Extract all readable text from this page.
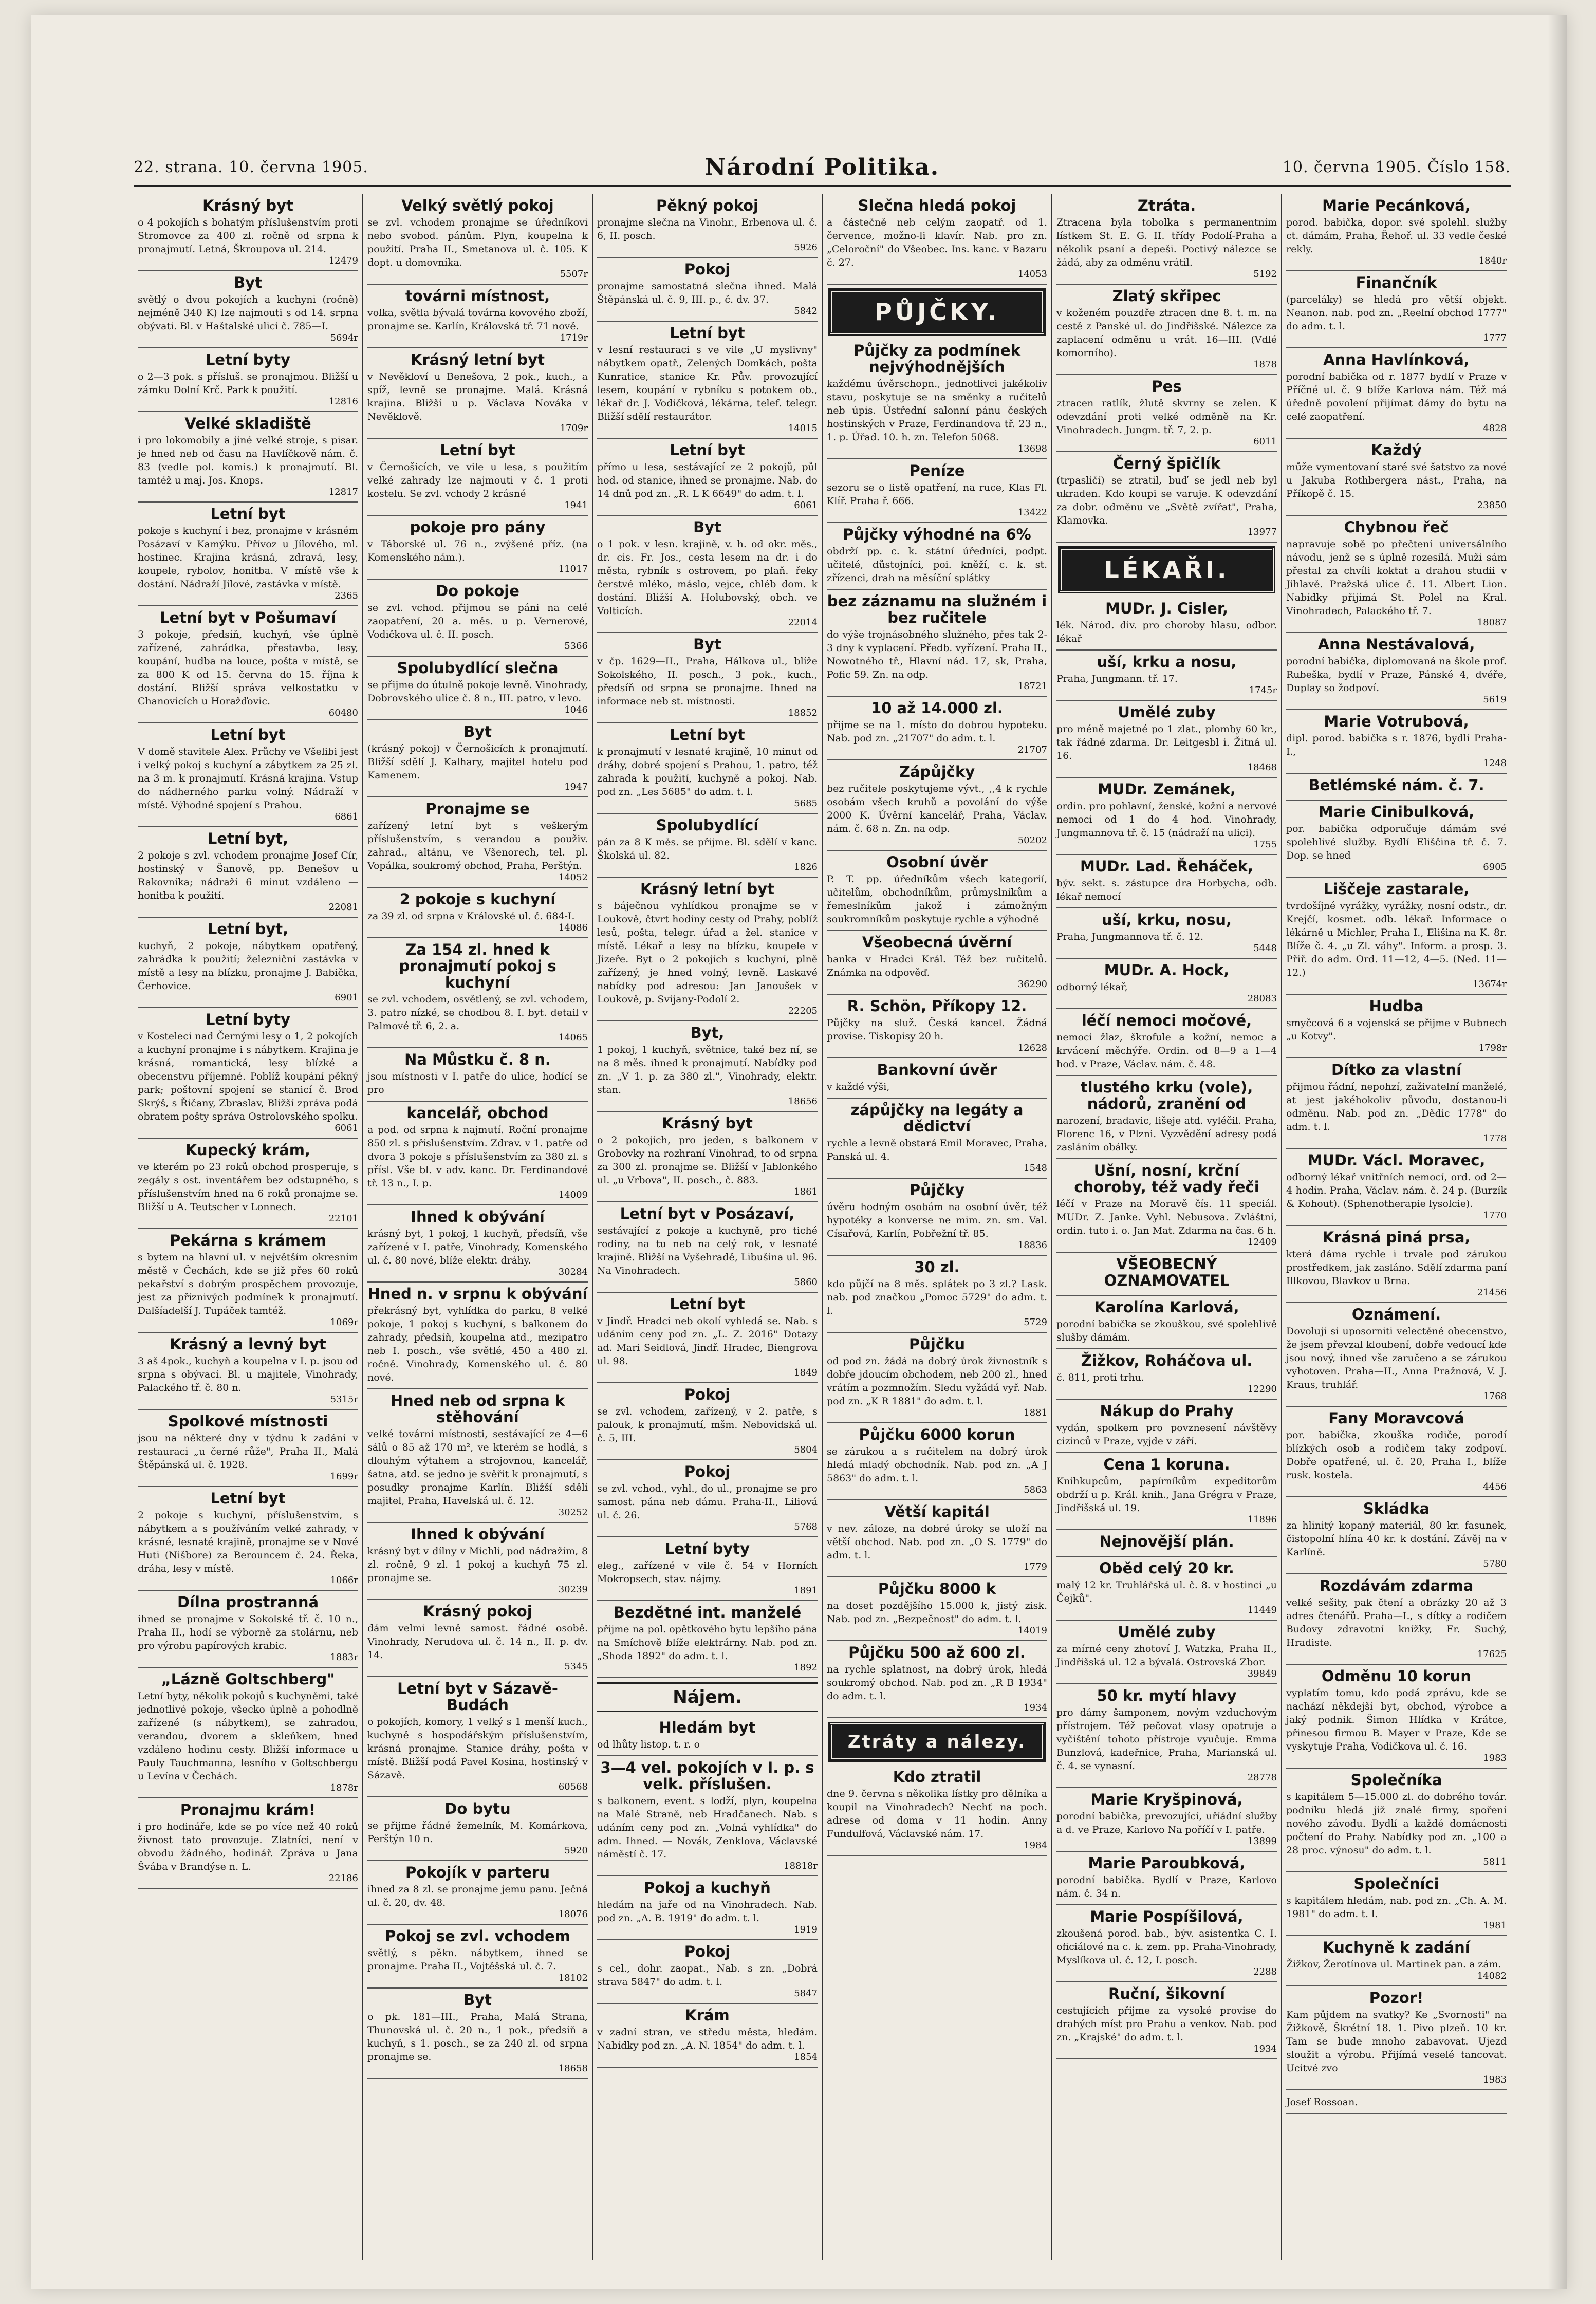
22. strana. 10. června 1905.	Národní Politika.	10. června 1905. Číslo 158.
Krásný byt

o 4 pokojích s bohatým příslušenstvím proti Stromovce za 400 zl. ročně od srpna k pronajmutí. Letná, Škroupova ul. 214.

12479
Byt

světlý o dvou pokojích a kuchyni (ročně) nejméně 340 K) lze najmouti s od 14. srpna obývati. Bl. v Haštalské ulici č. 785—I.

5694r
Letní byty

o 2—3 pok. s přísluš. se pronajmou. Bližší u zámku Dolní Krč. Park k použití.

12816
Velké skladiště

i pro lokomobily a jiné velké stroje, s pisar. je hned neb od času na Havlíčkově nám. č. 83 (vedle pol. komis.) k pronajmutí. Bl. tamtéž u maj. Jos. Knops.

12817
Letní byt

pokoje s kuchyní i bez, pronajme v krásném Posázaví v Kamýku. Přívoz u Jílového, ml. hostinec. Krajina krásná, zdravá, lesy, koupele, rybolov, honitba. V místě vše k dostání. Nádraží Jílové, zastávka v místě.

2365
Letní byt v Pošumaví

3 pokoje, předsíň, kuchyň, vše úplně zařízené, zahrádka, přestavba, lesy, koupání, hudba na louce, pošta v místě, se za 800 K od 15. června do 15. října k dostání. Bližší správa velkostatku v Chanovicích u Horažďovic.

60480
Letní byt

V domě stavitele Alex. Průchy ve Všelibi jest i velký pokoj s kuchyní a zábytkem za 25 zl. na 3 m. k pronajmutí. Krásná krajina. Vstup do nádherného parku volný. Nádraží v místě. Výhodné spojení s Prahou.

6861
Letní byt,

2 pokoje s zvl. vchodem pronajme Josef Cír, hostinský v Šanově, pp. Benešov u Rakovníka; nádraží 6 minut vzdáleno — honitba k použití.

22081
Letní byt,

kuchyň, 2 pokoje, nábytkem opatřený, zahrádka k použití; železniční zastávka v místě a lesy na blízku, pronajme J. Babička, Čerhovice.

6901
Letní byty

v Kosteleci nad Černými lesy o 1, 2 pokojích a kuchyní pronajme i s nábytkem. Krajina je krásná, romantická, lesy blízké a obecenstvu příjemné. Poblíž koupání pěkný park; poštovní spojení se stanicí č. Brod Skrýš, s Řičany, Zbraslav, Bližší zpráva podá obratem pošty správa Ostrolovského spolku.

6061
Kupecký krám,

ve kterém po 23 roků obchod prosperuje, s zegály s ost. inventářem bez odstupného, s příslušenstvím hned na 6 roků pronajme se. Bližší u A. Teutscher v Lonnech.

22101
Pekárna s krámem

s bytem na hlavní ul. v největším okresním městě v Čechách, kde se již přes 60 roků pekařství s dobrým prospěchem provozuje, jest za příznivých podmínek k pronajmutí. Dalšíadelší J. Tupáček tamtéž.

1069r
Krásný a levný byt

3 aš 4pok., kuchyň a koupelna v I. p. jsou od srpna s obývací. Bl. u majitele, Vinohrady, Palackého tř. č. 80 n.

5315r
Spolkové místnosti

jsou na některé dny v týdnu k zadání v restauraci „u černé růže", Praha II., Malá Štěpánská ul. č. 1928.

1699r
Letní byt

2 pokoje s kuchyní, příslušenstvím, s nábytkem a s používáním velké zahrady, v krásné, lesnaté krajině, pronajme se v Nové Huti (Nišbore) za Berouncem č. 24. Řeka, dráha, lesy v místě.

1066r
Dílna prostranná

ihned se pronajme v Sokolské tř. č. 10 n., Praha II., hodí se výborně za stolárnu, neb pro výrobu papírových krabic.

1883r
„Lázně Goltschberg"

Letní byty, několik pokojů s kuchyněmi, také jednotlivé pokoje, všecko úplně a pohodlně zařízené (s nábytkem), se zahradou, verandou, dvorem a skleňkem, hned vzdáleno hodinu cesty. Bližší informace u Pauly Tauchmanna, lesního v Goltschbergu u Levína v Čechách.

1878r
Pronajmu krám!

i pro hodináře, kde se po více než 40 roků živnost tato provozuje. Zlatníci, není v obvodu žádného, hodinář. Zpráva u Jana Švába v Brandýse n. L.

22186
Velký světlý pokoj

se zvl. vchodem pronajme se úředníkovi nebo svobod. pánům. Plyn, koupelna k použití. Praha II., Smetanova ul. č. 105. K dopt. u domovníka.

5507r
továrni místnost,

volka, světla bývalá továrna kovového zboží, pronajme se. Karlín, Královská tř. 71 nově.

1719r
Krásný letní byt

v Nevěkloví u Benešova, 2 pok., kuch., a spíž, levně se pronajme. Malá. Krásná krajina. Bližší u p. Václava Nováka v Nevěklově.

1709r
Letní byt

v Černošicích, ve vile u lesa, s použitím velké zahrady lze najmouti v č. 1 proti kostelu. Se zvl. vchody 2 krásné

1941
pokoje pro pány

v Táborské ul. 76 n., zvýšené příz. (na Komenského nám.).

11017
Do pokoje

se zvl. vchod. přijmou se páni na celé zaopatření, 20 a. měs. u p. Vernerové, Vodičkova ul. č. II. posch.

5366
Spolubydlící slečna

se přijme do útulně pokoje levně. Vinohrady, Dobrovského ulice č. 8 n., III. patro, v levo.

1046
Byt

(krásný pokoj) v Černošicích k pronajmutí. Bližší sdělí J. Kalhary, majitel hotelu pod Kamenem.

1947
Pronajme se

zařízený letní byt s veškerým příslušenstvím, s verandou a použiv. zahrad., altánu, ve Všenorech, tel. pl. Vopálka, soukromý obchod, Praha, Perštýn.

14052
2 pokoje s kuchyní

za 39 zl. od srpna v Královské ul. č. 684-I.

14086
Za 154 zl. hned k pronajmutí pokoj s kuchyní

se zvl. vchodem, osvětlený, se zvl. vchodem, 3. patro nízké, se chodbou 8. I. byt. detail v Palmové tř. 6, 2. a.

14065
Na Můstku č. 8 n.

jsou místnosti v I. patře do ulice, hodící se pro

kancelář, obchod

a pod. od srpna k najmutí. Roční pronajme 850 zl. s příslušenstvím. Zdrav. v 1. patře od dvora 3 pokoje s příslušenstvím za 380 zl. s přísl. Vše bl. v adv. kanc. Dr. Ferdinandové tř. 13 n., I. p.

14009
Ihned k obývání

krásný byt, 1 pokoj, 1 kuchyň, předsíň, vše zařízené v I. patře, Vinohrady, Komenského ul. č. 80 nové, blíže elektr. dráhy.

30284
Hned n. v srpnu k obývání

překrásný byt, vyhlídka do parku, 8 velké pokoje, 1 pokoj s kuchyní, s balkonem do zahrady, předsíň, koupelna atd., mezipatro neb I. posch., vše světlé, 450 a 480 zl. ročně. Vinohrady, Komenského ul. č. 80 nové.

Hned neb od srpna k stěhování

velké továrni místnosti, sestávající ze 4—6 sálů o 85 až 170 m², ve kterém se hodlá, s dlouhým výtahem a strojovnou, kancelář, šatna, atd. se jedno je svěřit k pronajmutí, s posudky pronajme Karlín. Bližší sdělí majitel, Praha, Havelská ul. č. 12.

30252
Ihned k obývání

krásný byt v dílny v Michli, pod nádražím, 8 zl. ročně, 9 zl. 1 pokoj a kuchyň 75 zl. pronajme se.

30239
Krásný pokoj

dám velmi levně samost. řádné osobě. Vinohrady, Nerudova ul. č. 14 n., II. p. dv. 14.

5345
Letní byt v Sázavě-Budách

o pokojích, komory, 1 velký s 1 menší kuch., kuchyně s hospodářským příslušenstvím, krásná pronajme. Stanice dráhy, pošta v místě. Bližší podá Pavel Kosina, hostinský v Sázavě.

60568
Do bytu

se přijme řádné žemelník, M. Komárkova, Perštýn 10 n.

5920
Pokojík v parteru

ihned za 8 zl. se pronajme jemu panu. Ječná ul. č. 20, dv. 48.

18076
Pokoj se zvl. vchodem

světlý, s pěkn. nábytkem, ihned se pronajme. Praha II., Vojtěšská ul. č. 7.

18102
Byt

o pk. 181—III., Praha, Malá Strana, Thunovská ul. č. 20 n., 1 pok., předsíň a kuchyň, s 1. posch., se za 240 zl. od srpna pronajme se.

18658
Pěkný pokoj

pronajme slečna na Vinohr., Erbenova ul. č. 6, II. posch.

5926
Pokoj

pronajme samostatná slečna ihned. Malá Štěpánská ul. č. 9, III. p., č. dv. 37.

5842
Letní byt

v lesní restauraci s ve vile „U myslivny" nábytkem opatř., Zelených Domkách, pošta Kunratice, stanice Kr. Pův. provozující lesem, koupání v rybníku s potokem ob., lékař dr. J. Vodičková, lékárna, telef. telegr. Bližší sdělí restaurátor.

14015
Letní byt

přímo u lesa, sestávající ze 2 pokojů, půl hod. od stanice, ihned se pronajme. Nab. do 14 dnů pod zn. „R. L K 6649" do adm. t. l.

6061
Byt

o 1 pok. v lesn. krajině, v. h. od okr. měs., dr. cis. Fr. Jos., cesta lesem na dr. i do města, rybník s ostrovem, po plaň. řeky čerstvé mléko, máslo, vejce, chléb dom. k dostání. Bližší A. Holubovský, obch. ve Volticích.

22014
Byt

v čp. 1629—II., Praha, Hálkova ul., blíže Sokolského, II. posch., 3 pok., kuch., předsíň od srpna se pronajme. Ihned na informace neb st. místnosti.

18852
Letní byt

k pronajmutí v lesnaté krajině, 10 minut od dráhy, dobré spojení s Prahou, 1. patro, též zahrada k použití, kuchyně a pokoj. Nab. pod zn. „Les 5685" do adm. t. l.

5685
Spolubydlící

pán za 8 K měs. se přijme. Bl. sdělí v kanc. Školská ul. 82.

1826
Krásný letní byt

s báječnou vyhlídkou pronajme se v Loukově, čtvrt hodiny cesty od Prahy, poblíž lesů, pošta, telegr. úřad a žel. stanice v místě. Lékař a lesy na blízku, koupele v Jizeře. Byt o 2 pokojích s kuchyní, plně zařízený, je hned volný, levně. Laskavé nabídky pod adresou: Jan Janoušek v Loukově, p. Svijany-Podolí 2.

22205
Byt,

1 pokoj, 1 kuchyň, světnice, také bez ní, se na 8 měs. ihned k pronajmutí. Nabídky pod zn. „V 1. p. za 380 zl.", Vinohrady, elektr. stan.

18656
Krásný byt

o 2 pokojích, pro jeden, s balkonem v Grobovky na rozhraní Vinohrad, to od srpna za 300 zl. pronajme se. Bližší v Jablonkého ul. „u Vrbova", II. posch., č. 883.

1861
Letní byt v Posázaví,

sestávající z pokoje a kuchyně, pro tiché rodiny, na tu neb na celý rok, v lesnaté krajině. Bližší na Vyšehradě, Libušina ul. 96. Na Vinohradech.

5860
Letní byt

v Jindř. Hradci neb okolí vyhledá se. Nab. s udáním ceny pod zn. „L. Z. 2016" Dotazy ad. Mari Seidlová, Jindř. Hradec, Biengrova ul. 98.

1849
Pokoj

se zvl. vchodem, zařízený, v 2. patře, s palouk, k pronajmutí, mšm. Nebovidská ul. č. 5, III.

5804
Pokoj

se zvl. vchod., vyhl., do ul., pronajme se pro samost. pána neb dámu. Praha-II., Liliová ul. č. 26.

5768
Letní byty

eleg., zařízené v vile č. 54 v Horních Mokropsech, stav. nájmy.

1891
Bezdětné int. manželé

přijme na pol. opětkového bytu lepšího pána na Smíchově blíže elektrárny. Nab. pod zn. „Shoda 1892" do adm. t. l.

1892
Nájem.
Hledám byt

od lhůty listop. t. r. o

3—4 vel. pokojích v I. p. s velk. příslušen.

s balkonem, event. s lodží, plyn, koupelna na Malé Straně, neb Hradčanech. Nab. s udáním ceny pod zn. „Volná vyhlídka" do adm. Ihned. — Novák, Zenklova, Václavské náměstí č. 17.

18818r
Pokoj a kuchyň

hledám na jaře od na Vinohradech. Nab. pod zn. „A. B. 1919" do adm. t. l.

1919
Pokoj

s cel., dohr. zaopat., Nab. s zn. „Dobrá strava 5847" do adm. t. l.

5847
Krám

v zadní stran, ve středu města, hledám. Nabídky pod zn. „A. N. 1854" do adm. t. l.

1854
Slečna hledá pokoj

a částečně neb celým zaopatř. od 1. července, možno-li klavír. Nab. pro zn. „Celoroční" do Všeobec. Ins. kanc. v Bazaru č. 27.

14053
PŮJČKY.
Půjčky za podmínek nejvýhodnějších

každému úvěrschopn., jednotlivci jakékoliv stavu, poskytuje se na směnky a ručitelů neb úpis. Ústřední salonní pánu českých hostinských v Praze, Ferdinandova tř. 23 n., 1. p. Úřad. 10. h. zn. Telefon 5068.

13698
Peníze

sezoru se o listě opatření, na ruce, Klas Fl. Klíř. Praha ř. 666.

13422
Půjčky výhodné na 6%

obdrží pp. c. k. státní úředníci, podpt. učitelé, důstojníci, poi. kněží, c. k. st. zřízenci, drah na měsíční splátky

bez záznamu na služném i bez ručitele

do výše trojnásobného služného, přes tak 2-3 dny k vyplacení. Předb. vyřízení. Praha II., Nowotného tř., Hlavní nád. 17, sk, Praha, Pofic 59. Zn. na odp.

18721
10 až 14.000 zl.

přijme se na 1. místo do dobrou hypoteku. Nab. pod zn. „21707" do adm. t. l.

21707
Zápůjčky

bez ručitele poskytujeme vývt., ,,4 k rychle osobám všech kruhů a povolání do výše 2000 K. Úvěrní kancelář, Praha, Václav. nám. č. 68 n. Zn. na odp.

50202
Osobní úvěr

P. T. pp. úředníkům všech kategorií, učitelům, obchodníkům, průmyslníkům a řemeslníkům jakož i zámožným soukromníkům poskytuje rychle a výhodně

Všeobecná úvěrní

banka v Hradci Král. Též bez ručitelů. Známka na odpověď.

36290
R. Schön, Příkopy 12.

Půjčky na služ. Česká kancel. Žádná provise. Tiskopisy 20 h.

12628
Bankovní úvěr

v každé výši,

zápůjčky na legáty a dědictví

rychle a levně obstará Emil Moravec, Praha, Panská ul. 4.

1548
Půjčky

úvěru hodným osobám na osobní úvěr, též hypotéky a konverse ne mim. zn. sm. Val. Císařová, Karlín, Pobřežní tř. 85.

18836
30 zl.

kdo půjčí na 8 měs. splátek po 3 zl.? Lask. nab. pod značkou „Pomoc 5729" do adm. t. l.

5729
Půjčku

od pod zn. žádá na dobrý úrok živnostník s dobře jdoucím obchodem, neb 200 zl., hned vrátím a pozmnožím. Sledu vyžádá vyř. Nab. pod zn. „K R 1881" do adm. t. l.

1881
Půjčku 6000 korun

se zárukou a s ručitelem na dobrý úrok hledá mladý obchodník. Nab. pod zn. „A J 5863" do adm. t. l.

5863
Větší kapitál

v nev. záloze, na dobré úroky se uloží na větší obchod. Nab. pod zn. „O S. 1779" do adm. t. l.

1779
Půjčku 8000 k

na doset pozdějšího 15.000 k, jistý zisk. Nab. pod zn. „Bezpečnost" do adm. t. l.

14019
Půjčku 500 až 600 zl.

na rychle splatnost, na dobrý úrok, hledá soukromý obchod. Nab. pod zn. „R B 1934" do adm. t. l.

1934
Ztráty a nálezy.
Kdo ztratil

dne 9. června s několika lístky pro dělníka a koupil na Vinohradech? Nechť na poch. adrese od doma v 11 hodin. Anny Fundulfová, Václavské nám. 17.

1984
Ztráta.

Ztracena byla tobolka s permanentním lístkem St. E. G. II. třídy Podolí-Praha a několik psaní a depeši. Poctivý nálezce se žádá, aby za odměnu vrátil.

5192
Zlatý skřipec

v koženém pouzdře ztracen dne 8. t. m. na cestě z Panské ul. do Jindřišské. Nálezce za zaplacení odměnu u vrát. 16—III. (Vdlé komorního).

1878
Pes

ztracen ratlík, žlutě skvrny se zelen. K odevzdání proti velké odměně na Kr. Vinohradech. Jungm. tř. 7, 2. p.

6011
Černý špičlík

(trpasličí) se ztratil, buď se jedl neb byl ukraden. Kdo koupi se varuje. K odevzdání za dobr. odměnu ve „Světě zvířat", Praha, Klamovka.

13977
LÉKAŘI.
MUDr. J. Cisler,

lék. Národ. div. pro choroby hlasu, odbor. lékař

uší, krku a nosu,

Praha, Jungmann. tř. 17.

1745r
Umělé zuby

pro méně majetné po 1 zlat., plomby 60 kr., tak řádné zdarma. Dr. Leitgesbl i. Žitná ul. 16.

18468
MUDr. Zemánek,

ordin. pro pohlavní, ženské, kožní a nervové nemoci od 1 do 4 hod. Vinohrady, Jungmannova tř. č. 15 (nádraží na ulici).

1755
MUDr. Lad. Řeháček,

býv. sekt. s. zástupce dra Horbycha, odb. lékař nemocí

uší, krku, nosu,

Praha, Jungmannova tř. č. 12.

5448
MUDr. A. Hock,

odborný lékař,

28083
léčí nemoci močové,

nemoci žlaz, škrofule a kožní, nemoc a krvácení měchýře. Ordin. od 8—9 a 1—4 hod. v Praze, Václav. nám. č. 48.

tlustého krku (vole), nádorů, zranění od

narození, bradavic, lišeje atd. vyléčil. Praha, Florenc 16, v Plzni. Vyzvědění adresy podá zasláním obálky.

Ušní, nosní, krční choroby, též vady řeči

léčí v Praze na Moravě čís. 11 speciál. MUDr. Z. Janke. Vyhl. Nebusova. Zvláštní, ordin. tuto i. o. Jan Mat. Zdarma na čas. 6 h.

12409
VŠEOBECNÝ OZNAMOVATEL

Karolína Karlová,

porodní babička se zkouškou, své spolehlivě slušby dámám.

Žižkov, Roháčova ul.

č. 811, proti trhu.

12290
Nákup do Prahy

vydán, spolkem pro povznesení návštěvy cizinců v Praze, vyjde v září.

Cena 1 koruna.

Knihkupcům, papírníkům expeditorům obdrží u p. Král. knih., Jana Grégra v Praze, Jindřišská ul. 19.

11896
Nejnovější plán.

Oběd celý 20 kr.

malý 12 kr. Truhlářská ul. č. 8. v hostinci „u Čejků".

11449
Umělé zuby

za mírné ceny zhotoví J. Watzka, Praha II., Jindřišská ul. 12 a bývalá. Ostrovská Zbor.

39849
50 kr. mytí hlavy

pro dámy šamponem, novým vzduchovým přístrojem. Též pečovat vlasy opatruje a vyčištění tohoto přístroje vyučuje. Emma Bunzlová, kadeřnice, Praha, Marianská ul. č. 4. se vynasní.

28778
Marie Kryšpinová,

porodní babička, prevozující, uříádní služby a d. ve Praze, Karlovo Na poříčí v I. patře.

13899
Marie Paroubková,

porodní babička. Bydlí v Praze, Karlovo nám. č. 34 n.

Marie Pospíšilová,

zkoušená porod. bab., býv. asistentka C. I. oficiálové na c. k. zem. pp. Praha-Vinohrady, Myslíkova ul. č. 12, I. posch.

2288
Ruční, šikovní

cestujících přijme za vysoké provise do drahých míst pro Prahu a venkov. Nab. pod zn. „Krajské" do adm. t. l.

1934
Marie Pecánková,

porod. babička, dopor. své spolehl. služby ct. dámám, Praha, Řehoř. ul. 33 vedle české rekly.

1840r
Finančník

(parceláky) se hledá pro větší objekt. Neanon. nab. pod zn. „Reelní obchod 1777" do adm. t. l.

1777
Anna Havlínková,

porodní babička od r. 1877 bydlí v Praze v Příčné ul. č. 9 blíže Karlova nám. Též má úředně povolení přijímat dámy do bytu na celé zaopatření.

4828
Každý

může vymentovaní staré své šatstvo za nové u Jakuba Rothbergera nást., Praha, na Příkopě č. 15.

23850
Chybnou řeč

napravuje sobě po přečtení universálního návodu, jenž se s úplně rozesílá. Muži sám přestal za chvíli koktat a drahou studii v Jihlavě. Pražská ulice č. 11. Albert Lion. Nabídky přijímá St. Polel na Kral. Vinohradech, Palackého tř. 7.

18087
Anna Nestávalová,

porodní babička, diplomovaná na škole prof. Rubeška, bydlí v Praze, Pánské 4, dvéře, Duplay so žodpoví.

5619
Marie Votrubová,

dipl. porod. babička s r. 1876, bydlí Praha-I.,

1248
Betlémské nám. č. 7.

Marie Cinibulková,

por. babička odporučuje dámám své spolehlivé služby. Bydlí Eliščina tř. č. 7. Dop. se hned

6905
Liščeje zastarale,

tvrdošíjné vyrážky, vyrážky, nosní odstr., dr. Krejčí, kosmet. odb. lékař. Informace o lékárně u Michler, Praha I., Elišina na K. 8r. Blíže č. 4. „u Zl. váhy". Inform. a prosp. 3. Přiř. do adm. Ord. 11—12, 4—5. (Ned. 11—12.)

13674r
Hudba

smyčcová 6 a vojenská se přijme v Bubnech „u Kotvy".

1798r
Dítko za vlastní

přijmou řádní, nepohzí, zaživatelní manželé, at jest jakéhokoliv původu, dostanou-li odměnu. Nab. pod zn. „Dědic 1778" do adm. t. l.

1778
MUDr. Václ. Moravec,

odborný lékař vnitřních nemocí, ord. od 2—4 hodin. Praha, Václav. nám. č. 24 p. (Burzík & Kohout). (Sphenotherapie lysolcie).

1770
Krásná piná prsa,

která dáma rychle i trvale pod zárukou prostředkem, jak zasláno. Sdělí zdarma paní Illkovou, Blavkov u Brna.

21456
Oznámení.

Dovoluji si uposorniti velectěné obecenstvo, že jsem převzal kloubení, dobře vedoucí kde jsou nový, ihned vše zaručeno a se zárukou vyhotoven. Praha—II., Anna Pražnová, V. J. Kraus, truhlář.

1768
Fany Moravcová

por. babička, zkouška rodiče, porodí blízkých osob a rodičem taky zodpoví. Dobře opatřené, ul. č. 20, Praha I., blíže rusk. kostela.

4456
Skládka

za hlinitý kopaný materiál, 80 kr. fasunek, čistopolní hlína 40 kr. k dostání. Závěj na v Karlíně.

5780
Rozdávám zdarma

velké sešity, pak čtení a obrázky 20 až 3 adres čtenářů. Praha—I., s dítky a rodičem Budovy zdravotní knížky, Fr. Suchý, Hradiste.

17625
Odměnu 10 korun

vyplatím tomu, kdo podá zprávu, kde se nachází někdejší byt, obchod, výrobce a jaký podnik. Šimon Hlídka v Krátce, přinesou firmou B. Mayer v Praze, Kde se vyskytuje Praha, Vodičkova ul. č. 16.

1983
Společníka

s kapitálem 5—15.000 zl. do dobrého továr. podniku hledá již znalé firmy, spoření nového závodu. Bydlí a každé domácnosti počtení do Prahy. Nabídky pod zn. „100 a 28 proc. výnosu" do adm. t. l.

5811
Společníci

s kapitálem hledám, nab. pod zn. „Ch. A. M. 1981" do adm. t. l.

1981
Kuchyně k zadání

Žižkov, Žerotínova ul. Martinek pan. a zám.

14082
Pozor!

Kam půjdem na svatky? Ke „Svornosti" na Žižkově, Škrétní 18. 1. Pivo plzeň. 10 kr. Tam se bude mnoho zabavovat. Ujezd sloužit a výrobu. Přijímá veselé tancovat. Ucitvé zvo

1983

Josef Rossoan.
